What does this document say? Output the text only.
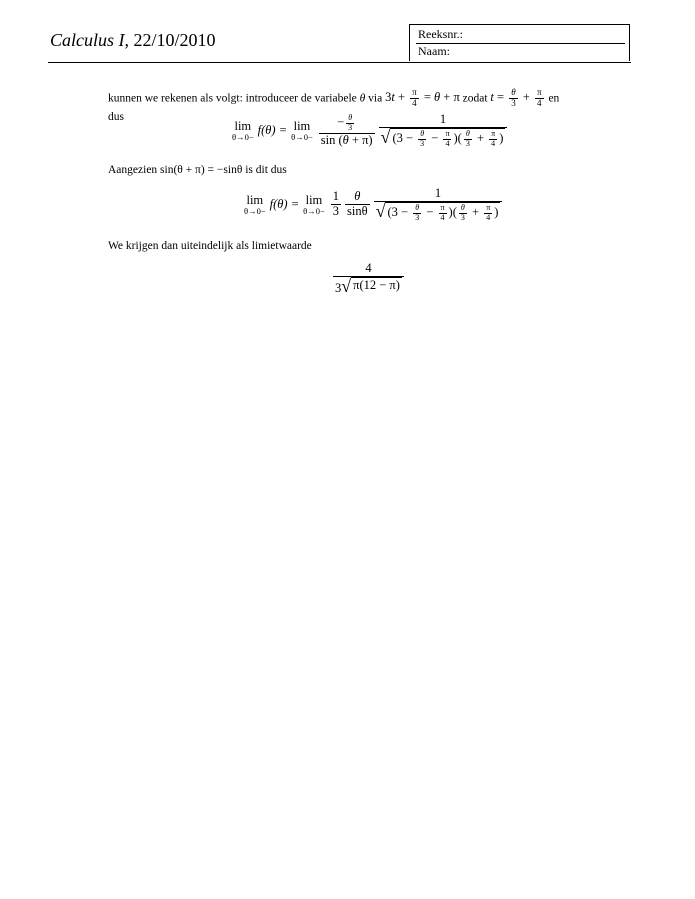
Calculus I, 22/10/2010	Reeksnr.:
Naam:
kunnen we rekenen als volgt: introduceer de variabele θ via $3t + \frac{\pi}{4} = \theta + \pi$ zodat $t = \frac{\theta}{3} + \frac{\pi}{4}$ en
dus
lim
θ→0−
f(θ) = lim
$\theta\to 0- \frac{- \frac{\theta}{3}}{\sin (\theta + \pi)} \frac{1}{√ (3 - \frac{\theta}{3} - \frac{\pi}{4} )( \frac{\theta}{3} + \frac{\pi}{4} )}$
Aangezien sin(θ + π) = −sinθ is dit dus
lim
θ→0−
f(θ) = lim
$\theta\to 0- \frac{1}{3} \frac{\theta}{\sin\theta} \frac{1}{√ (3 - \frac{\theta}{3} - \frac{\pi}{4} )( \frac{\theta}{3} + \frac{\pi}{4} )}$
We krijgen dan uiteindelijk als limietwaarde
$\frac{4}{3 √ \pi(12 - \pi)}$
